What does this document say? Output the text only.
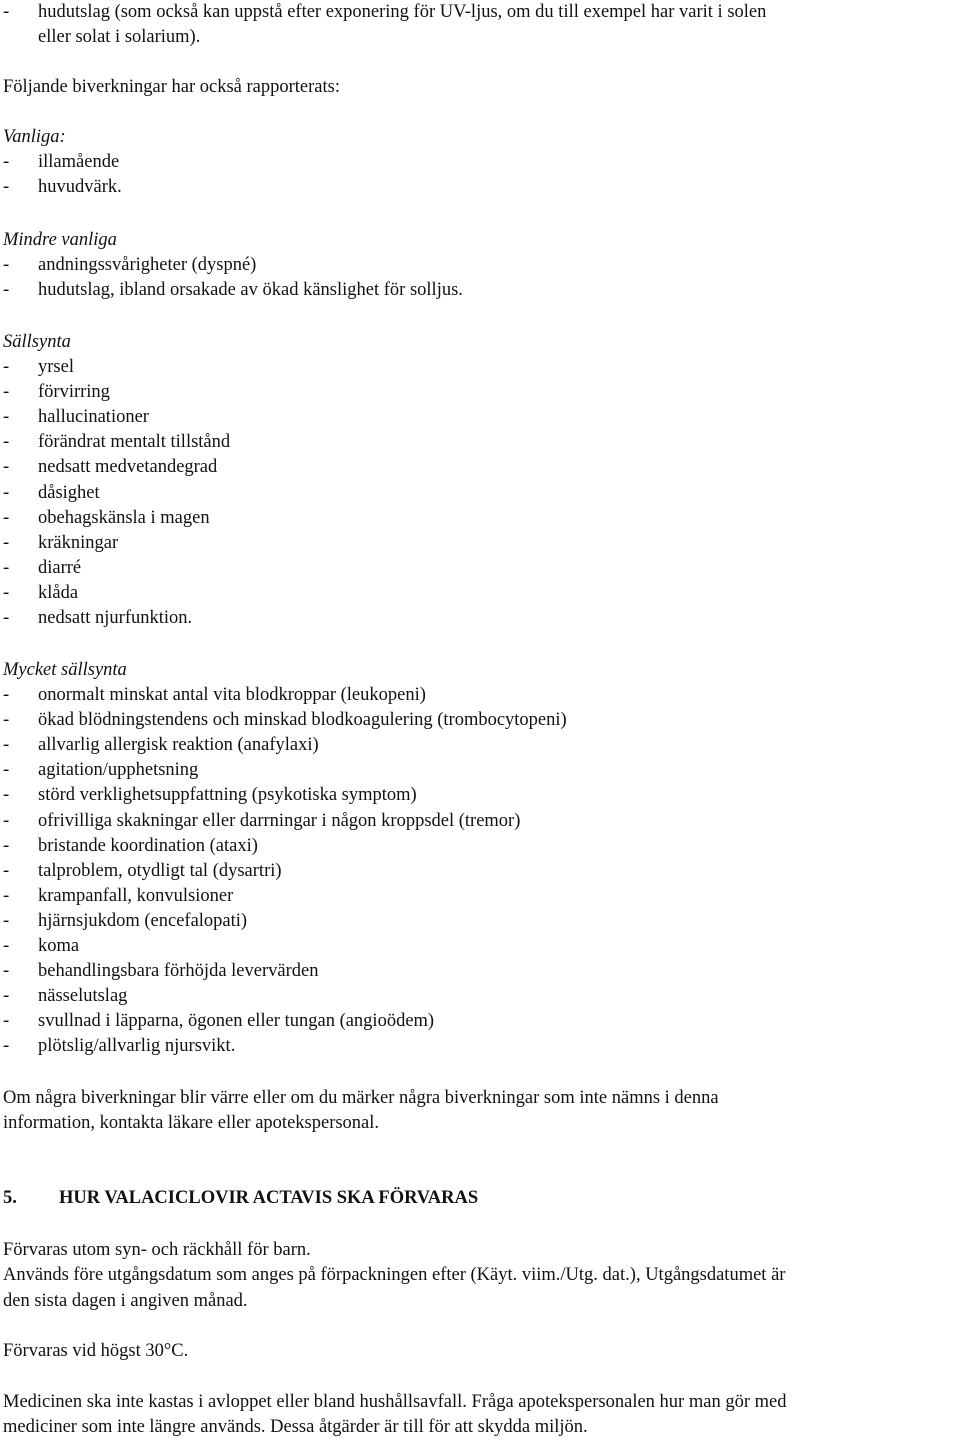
- hudutslag (som också kan uppstå efter exponering för UV-ljus, om du till exempel har varit i solen
eller solat i solarium).
Följande biverkningar har också rapporterats:
Vanliga:
- illamående
- huvudvärk.
Mindre vanliga
- andningssvårigheter (dyspné)
- hudutslag, ibland orsakade av ökad känslighet för solljus.
Sällsynta
- yrsel
- förvirring
- hallucinationer
- förändrat mentalt tillstånd
- nedsatt medvetandegrad
- dåsighet
- obehagskänsla i magen
- kräkningar
- diarré
- klåda
- nedsatt njurfunktion.
Mycket sällsynta
- onormalt minskat antal vita blodkroppar (leukopeni)
- ökad blödningstendens och minskad blodkoagulering (trombocytopeni)
- allvarlig allergisk reaktion (anafylaxi)
- agitation/upphetsning
- störd verklighetsuppfattning (psykotiska symptom)
- ofrivilliga skakningar eller darrningar i någon kroppsdel (tremor)
- bristande koordination (ataxi)
- talproblem, otydligt tal (dysartri)
- krampanfall, konvulsioner
- hjärnsjukdom (encefalopati)
- koma
- behandlingsbara förhöjda levervärden
- nässelutslag
- svullnad i läpparna, ögonen eller tungan (angioödem)
- plötslig/allvarlig njursvikt.
Om några biverkningar blir värre eller om du märker några biverkningar som inte nämns i denna
information, kontakta läkare eller apotekspersonal.
5. HUR VALACICLOVIR ACTAVIS SKA FÖRVARAS
Förvaras utom syn- och räckhåll för barn.
Används före utgångsdatum som anges på förpackningen efter (Käyt. viim./Utg. dat.), Utgångsdatumet är
den sista dagen i angiven månad.
Förvaras vid högst 30°C.
Medicinen ska inte kastas i avloppet eller bland hushållsavfall. Fråga apotekspersonalen hur man gör med
mediciner som inte längre används. Dessa åtgärder är till för att skydda miljön.
